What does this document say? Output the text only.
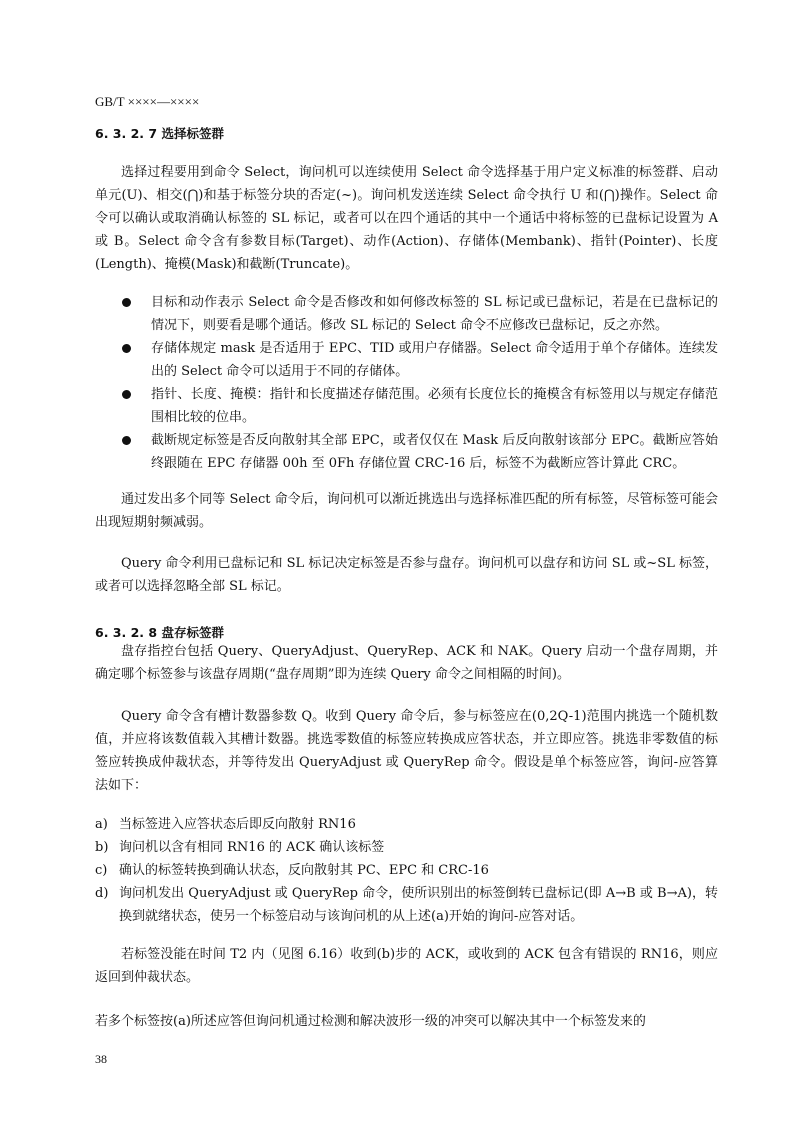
GB/T ××××—××××
6. 3. 2. 7 选择标签群
选择过程要用到命令 Select，询问机可以连续使用 Select 命令选择基于用户定义标准的标签群、启动单元(U)、相交(⋂)和基于标签分块的否定(~)。询问机发送连续 Select 命令执行 U 和(⋂)操作。Select 命令可以确认或取消确认标签的 SL 标记，或者可以在四个通话的其中一个通话中将标签的已盘标记设置为 A 或 B。Select 命令含有参数目标(Target)、动作(Action)、存储体(Membank)、指针(Pointer)、长度(Length)、掩模(Mask)和截断(Truncate)。
目标和动作表示 Select 命令是否修改和如何修改标签的 SL 标记或已盘标记，若是在已盘标记的情况下，则要看是哪个通话。修改 SL 标记的 Select 命令不应修改已盘标记，反之亦然。
存储体规定 mask 是否适用于 EPC、TID 或用户存储器。Select 命令适用于单个存储体。连续发出的 Select 命令可以适用于不同的存储体。
指针、长度、掩模：指针和长度描述存储范围。必须有长度位长的掩模含有标签用以与规定存储范围相比较的位串。
截断规定标签是否反向散射其全部 EPC，或者仅仅在 Mask 后反向散射该部分 EPC。截断应答始终跟随在 EPC 存储器 00h 至 0Fh 存储位置 CRC-16 后，标签不为截断应答计算此 CRC。
通过发出多个同等 Select 命令后，询问机可以渐近挑选出与选择标准匹配的所有标签，尽管标签可能会出现短期射频减弱。
Query 命令利用已盘标记和 SL 标记决定标签是否参与盘存。询问机可以盘存和访问 SL 或~SL 标签，或者可以选择忽略全部 SL 标记。
6. 3. 2. 8 盘存标签群
盘存指控台包括 Query、QueryAdjust、QueryRep、ACK 和 NAK。Query 启动一个盘存周期，并确定哪个标签参与该盘存周期(“盘存周期”即为连续 Query 命令之间相隔的时间)。
Query 命令含有槽计数器参数 Q。收到 Query 命令后，参与标签应在(0,2Q-1)范围内挑选一个随机数值，并应将该数值载入其槽计数器。挑选零数值的标签应转换成应答状态，并立即应答。挑选非零数值的标签应转换成仲裁状态，并等待发出 QueryAdjust 或 QueryRep 命令。假设是单个标签应答，询问-应答算法如下：
a) 当标签进入应答状态后即反向散射 RN16
b) 询问机以含有相同 RN16 的 ACK 确认该标签
c) 确认的标签转换到确认状态，反向散射其 PC、EPC 和 CRC-16
d) 询问机发出 QueryAdjust 或 QueryRep 命令，使所识别出的标签倒转已盘标记(即 A→B 或 B→A)，转换到就绪状态，使另一个标签启动与该询问机的从上述(a)开始的询问-应答对话。
若标签没能在时间 T2 内（见图 6.16）收到(b)步的 ACK，或收到的 ACK 包含有错误的 RN16，则应返回到仲裁状态。
若多个标签按(a)所述应答但询问机通过检测和解决波形一级的冲突可以解决其中一个标签发来的
38
